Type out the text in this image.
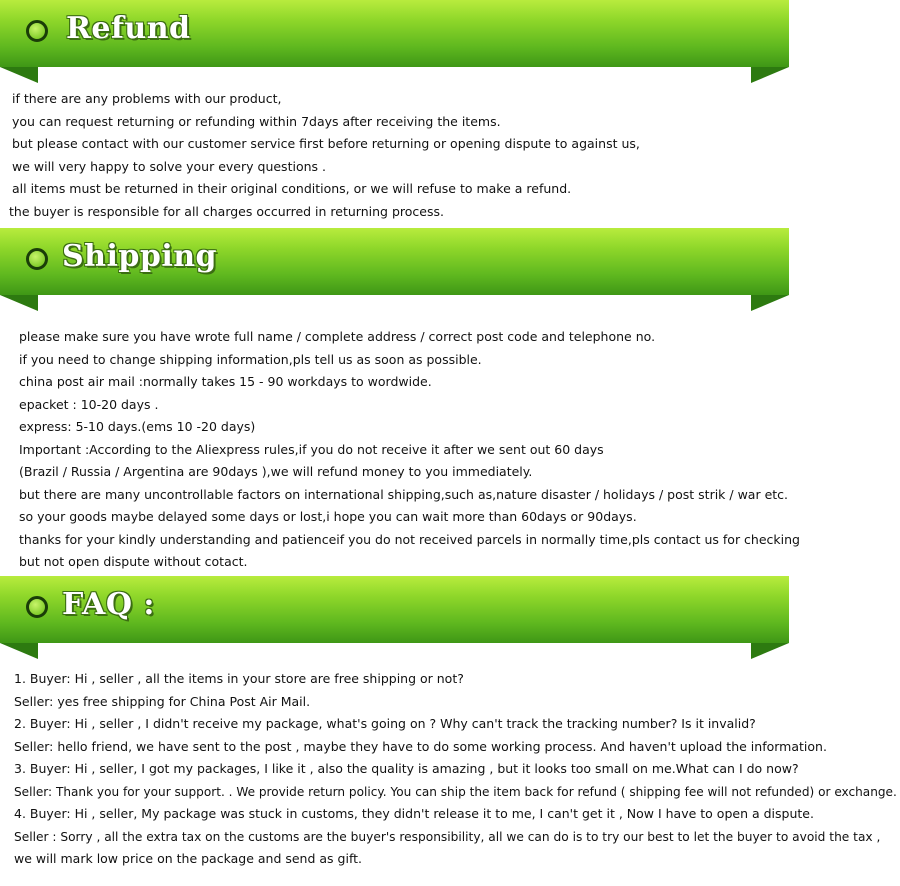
Refund
if there are any problems with our product,
you can request returning or refunding within 7days after receiving the items.
but please contact with our customer service first before returning or opening dispute to against us,
we will very happy to solve your every questions .
all items must be returned in their original conditions, or we will refuse to make a refund.
the buyer is responsible for all charges occurred in returning process.
Shipping
please make sure you have wrote full name / complete address / correct post code and telephone no.
if you need to change shipping information,pls tell us as soon as possible.
china post air mail :normally takes 15 - 90 workdays to wordwide.
epacket : 10-20 days .
express: 5-10 days.(ems 10 -20 days)
Important :According to the Aliexpress rules,if you do not receive it after we sent out 60 days
(Brazil / Russia / Argentina are 90days ),we will refund money to you immediately.
but there are many uncontrollable factors on international shipping,such as,nature disaster / holidays / post strik / war etc.
so your goods maybe delayed some days or lost,i hope you can wait more than 60days or 90days.
thanks for your kindly understanding and patienceif you do not received parcels in normally time,pls contact us for checking
but not open dispute without cotact.
FAQ :
1. Buyer: Hi , seller , all the items in your store are free shipping or not?
Seller: yes free shipping for China Post Air Mail.
2. Buyer: Hi , seller , I didn't receive my package, what's going on ? Why can't track the tracking number? Is it invalid?
Seller: hello friend, we have sent to the post , maybe they have to do some working process. And haven't upload the information.
3. Buyer: Hi , seller, I got my packages, I like it , also the quality is amazing , but it looks too small on me.What can I do now?
Seller: Thank you for your support. . We provide return policy. You can ship the item back for refund ( shipping fee will not refunded) or exchange.
4. Buyer: Hi , seller, My package was stuck in customs, they didn't release it to me, I can't get it , Now I have to open a dispute.
Seller : Sorry , all the extra tax on the customs are the buyer's responsibility, all we can do is to try our best to let the buyer to avoid the tax ,
we will mark low price on the package and send as gift.
